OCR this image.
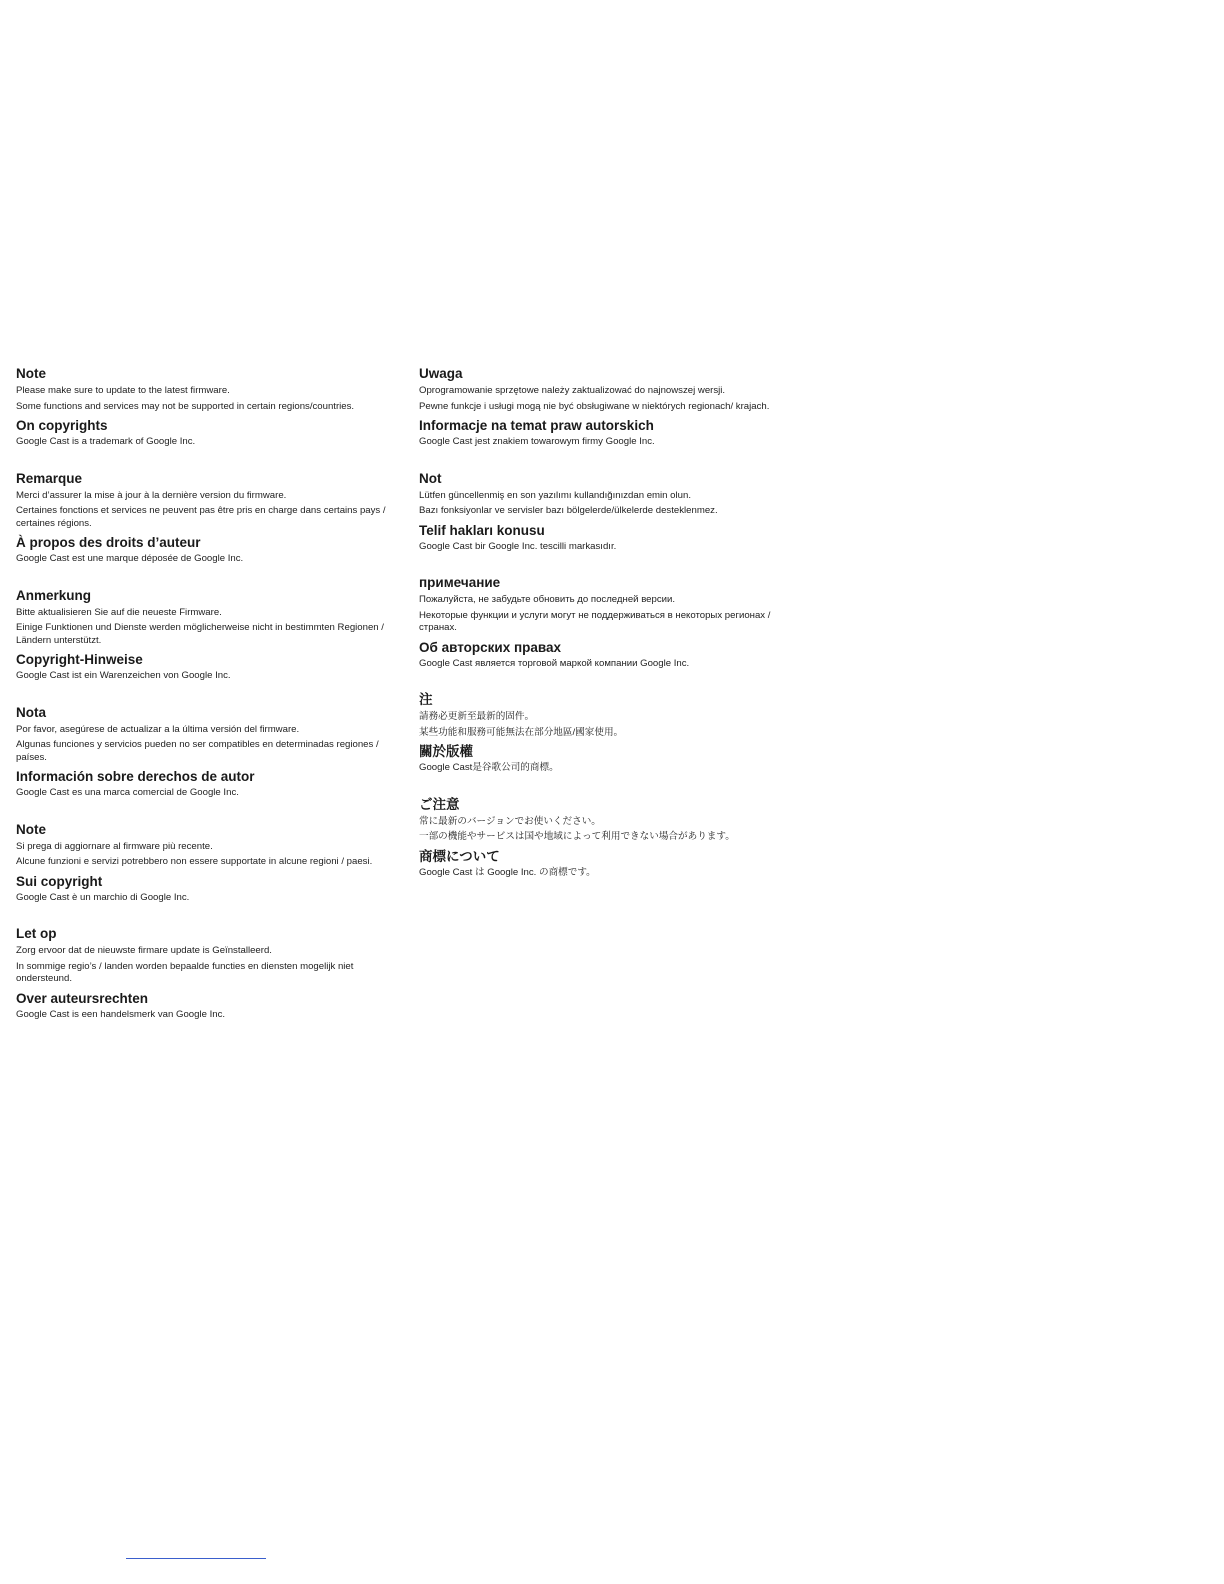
Note

Please make sure to update to the latest firmware.

Some functions and services may not be supported in certain regions/countries.

On copyrights

Google Cast is a trademark of Google Inc.

Remarque

Merci d’assurer la mise à jour à la dernière version du firmware.

Certaines fonctions et services ne peuvent pas être pris en charge dans certains pays / certaines régions.

À propos des droits d’auteur

Google Cast est une marque déposée de Google Inc.

Anmerkung

Bitte aktualisieren Sie auf die neueste Firmware.

Einige Funktionen und Dienste werden möglicherweise nicht in bestimmten Regionen / Ländern unterstützt.

Copyright-Hinweise

Google Cast ist ein Warenzeichen von Google Inc.

Nota

Por favor, asegúrese de actualizar a la última versión del firmware.

Algunas funciones y servicios pueden no ser compatibles en determinadas regiones / países.

Información sobre derechos de autor

Google Cast es una marca comercial de Google Inc.

Note

Si prega di aggiornare al firmware più recente.

Alcune funzioni e servizi potrebbero non essere supportate in alcune regioni / paesi.

Sui copyright

Google Cast è un marchio di Google Inc.

Let op

Zorg ervoor dat de nieuwste firmare update is Geïnstalleerd.

In sommige regio’s / landen worden bepaalde functies en diensten mogelijk niet ondersteund.

Over auteursrechten

Google Cast is een handelsmerk van Google Inc.

Uwaga

Oprogramowanie sprzętowe należy zaktualizować do najnowszej wersji.

Pewne funkcje i usługi mogą nie być obsługiwane w niektórych regionach/ krajach.

Informacje na temat praw autorskich

Google Cast jest znakiem towarowym firmy Google Inc.

Not

Lütfen güncellenmiş en son yazılımı kullandığınızdan emin olun.

Bazı fonksiyonlar ve servisler bazı bölgelerde/ülkelerde desteklenmez.

Telif hakları konusu

Google Cast bir Google Inc. tescilli markasıdır.

примечание

Пожалуйста, не забудьте обновить до последней версии.

Некоторые функции и услуги могут не поддерживаться в некоторых регионах / странах.

Об авторских правах

Google Cast является торговой маркой компании Google Inc.

注

請務必更新至最新的固件。

某些功能和服務可能無法在部分地區/國家使用。

關於版權

Google Cast是谷歌公司的商標。

ご注意

常に最新のバージョンでお使いください。

一部の機能やサービスは国や地域によって利用できない場合があります。

商標について

Google Cast は Google Inc. の商標です。
